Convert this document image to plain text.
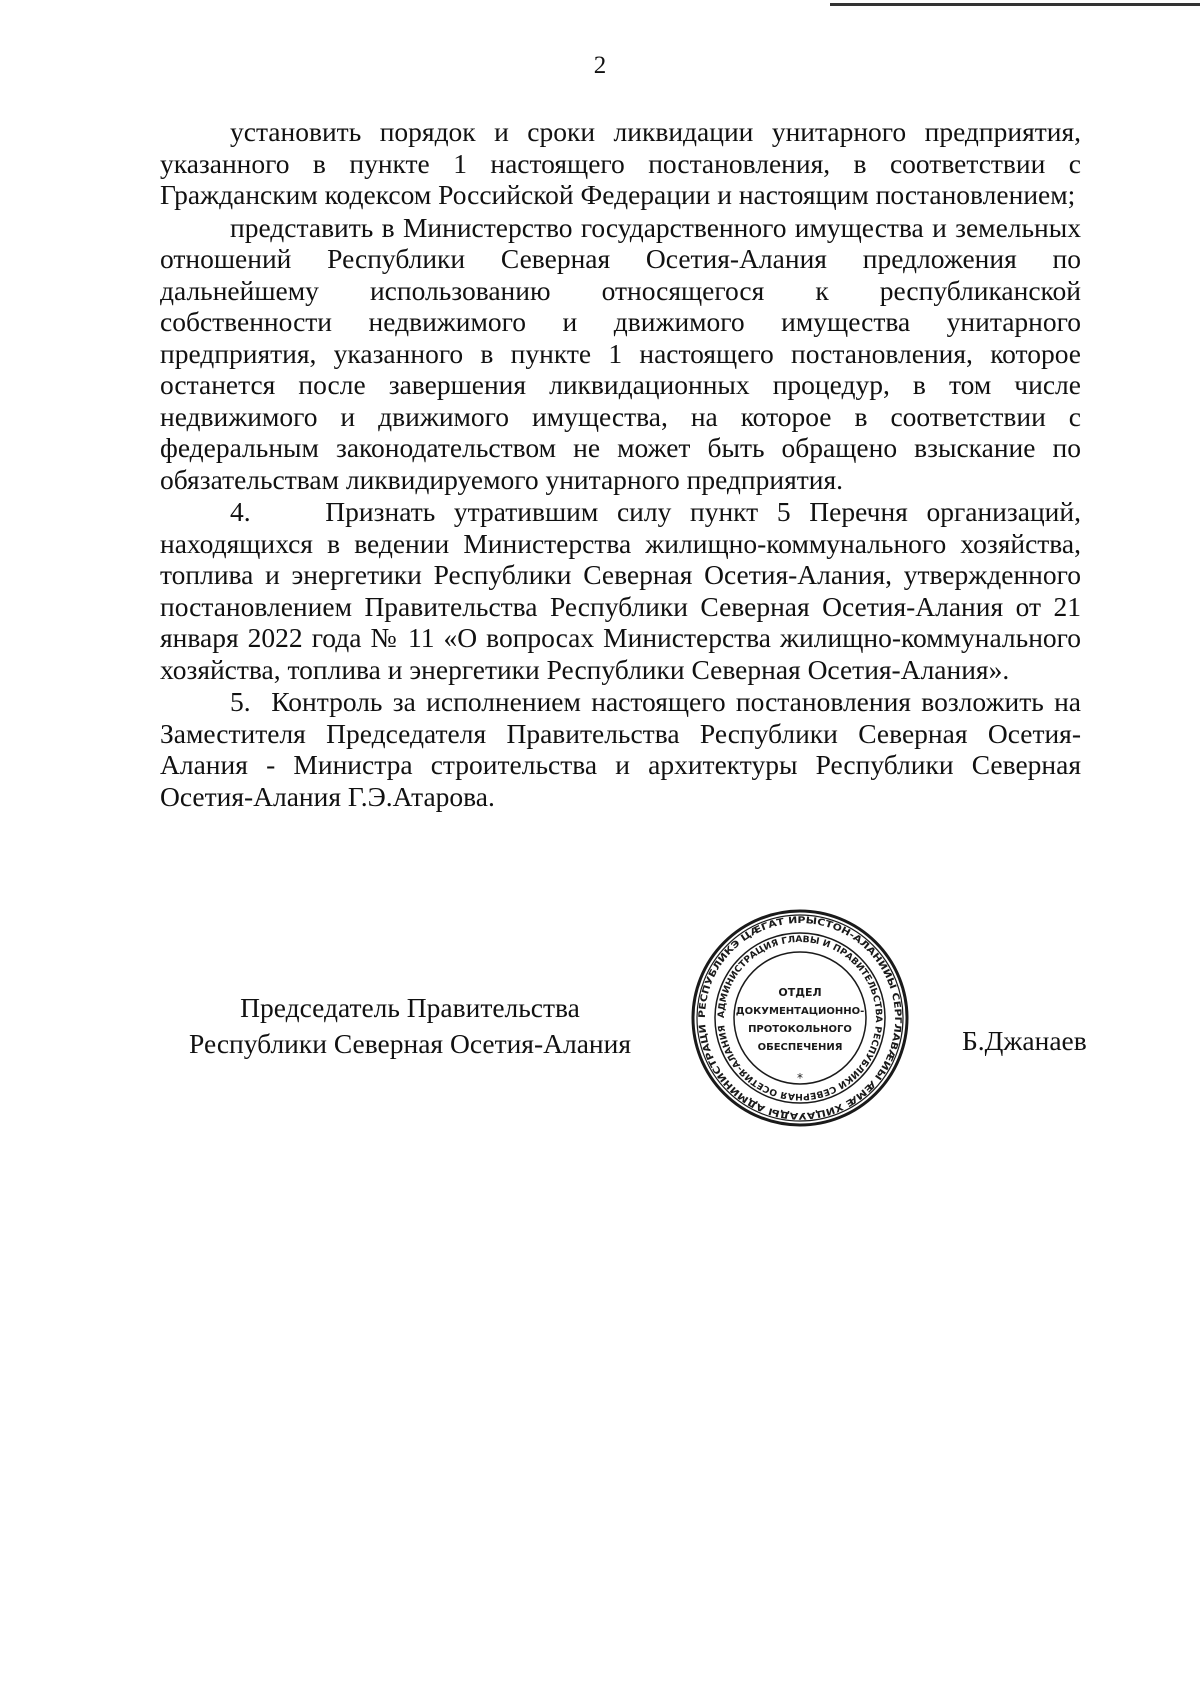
2

установить порядок и сроки ликвидации унитарного предприятия, указанного в пункте 1 настоящего постановления, в соответствии с Гражданским кодексом Российской Федерации и настоящим постановлением;

представить в Министерство государственного имущества и земельных отношений Республики Северная Осетия-Алания предложения по дальнейшему использованию относящегося к республиканской собственности недвижимого и движимого имущества унитарного предприятия, указанного в пункте 1 настоящего постановления, которое останется после завершения ликвидационных процедур, в том числе недвижимого и движимого имущества, на которое в соответствии с федеральным законодательством не может быть обращено взыскание по обязательствам ликвидируемого унитарного предприятия.

4.    Признать утратившим силу пункт 5 Перечня организаций, находящихся в ведении Министерства жилищно-коммунального хозяйства, топлива и энергетики Республики Северная Осетия-Алания, утвержденного постановлением Правительства Республики Северная Осетия-Алания от 21 января 2022 года № 11 «О вопросах Министерства жилищно-коммунального хозяйства, топлива и энергетики Республики Северная Осетия-Алания».

5.  Контроль за исполнением настоящего постановления возложить на Заместителя Председателя Правительства Республики Северная Осетия-Алания - Министра строительства и архитектуры Республики Северная Осетия-Алания Г.Э.Атарова.

Председатель Правительства
Республики Северная Осетия-Алания	Б.Джанаев
РЕСПУБЛИКЭ ЦӔГАТ ИРЫСТОН-АЛАНИЙЫ СЕРГЛАВӔЙЫ ӔМӔ ХИЦАУАДЫ АДМИНИСТРАЦИ
АДМИНИСТРАЦИЯ ГЛАВЫ И ПРАВИТЕЛЬСТВА РЕСПУБЛИКИ СЕВЕРНАЯ ОСЕТИЯ-АЛАНИЯ
ОТДЕЛ
ДОКУМЕНТАЦИОННО-
ПРОТОКОЛЬНОГО
ОБЕСПЕЧЕНИЯ
*
